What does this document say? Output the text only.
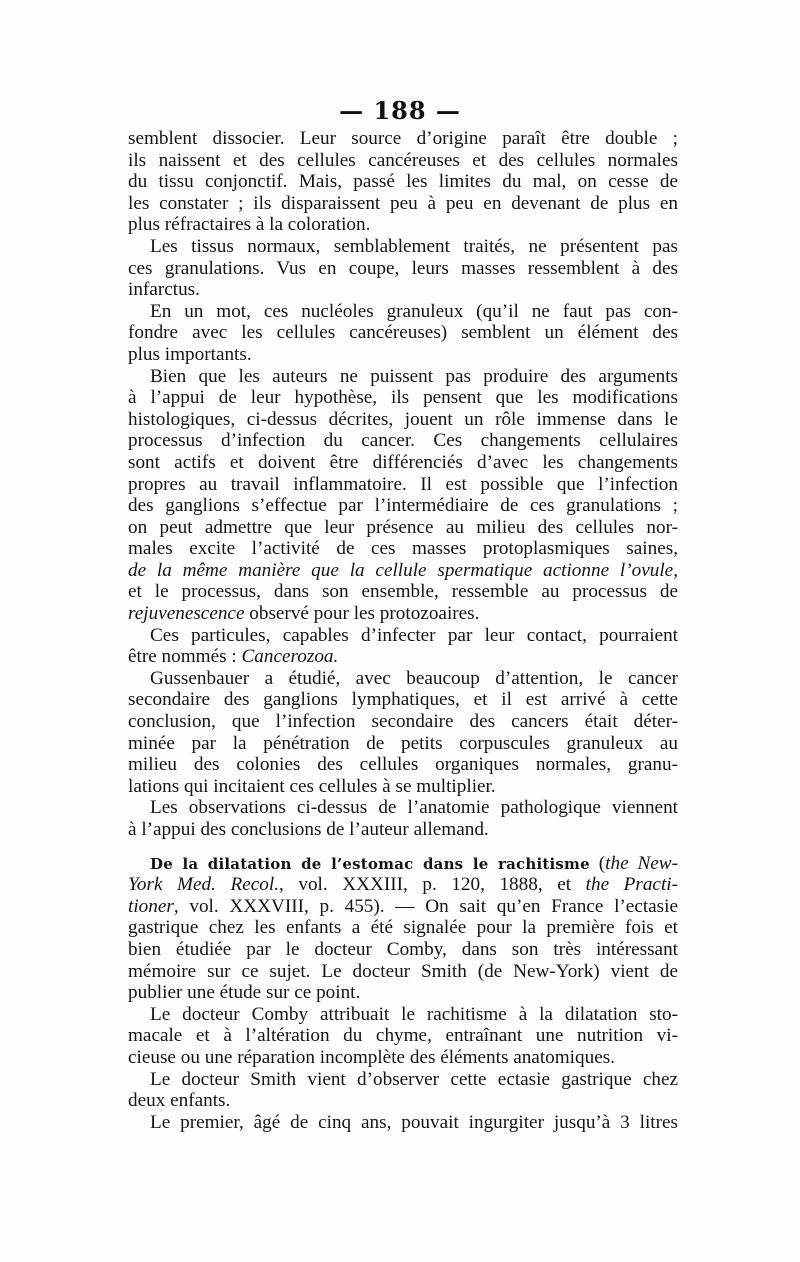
— 188 —
semblent dissocier. Leur source d’origine paraît être double ;
ils naissent et des cellules cancéreuses et des cellules normales
du tissu conjonctif. Mais, passé les limites du mal, on cesse de
les constater ; ils disparaissent peu à peu en devenant de plus en
plus réfractaires à la coloration.
Les tissus normaux, semblablement traités, ne présentent pas
ces granulations. Vus en coupe, leurs masses ressemblent à des
infarctus.
En un mot, ces nucléoles granuleux (qu’il ne faut pas con-
fondre avec les cellules cancéreuses) semblent un élément des
plus importants.
Bien que les auteurs ne puissent pas produire des arguments
à l’appui de leur hypothèse, ils pensent que les modifications
histologiques, ci-dessus décrites, jouent un rôle immense dans le
processus d’infection du cancer. Ces changements cellulaires
sont actifs et doivent être différenciés d’avec les changements
propres au travail inflammatoire. Il est possible que l’infection
des ganglions s’effectue par l’intermédiaire de ces granulations ;
on peut admettre que leur présence au milieu des cellules nor-
males excite l’activité de ces masses protoplasmiques saines,
de la même manière que la cellule spermatique actionne l’ovule,
et le processus, dans son ensemble, ressemble au processus de
rejuvenescence observé pour les protozoaires.
Ces particules, capables d’infecter par leur contact, pourraient
être nommés : Cancerozoa.
Gussenbauer a étudié, avec beaucoup d’attention, le cancer
secondaire des ganglions lymphatiques, et il est arrivé à cette
conclusion, que l’infection secondaire des cancers était déter-
minée par la pénétration de petits corpuscules granuleux au
milieu des colonies des cellules organiques normales, granu-
lations qui incitaient ces cellules à se multiplier.
Les observations ci-dessus de l’anatomie pathologique viennent
à l’appui des conclusions de l’auteur allemand.
De la dilatation de l’estomac dans le rachitisme (the New-
York Med. Recol., vol. XXXIII, p. 120, 1888, et the Practi-
tioner, vol. XXXVIII, p. 455). — On sait qu’en France l’ectasie
gastrique chez les enfants a été signalée pour la première fois et
bien étudiée par le docteur Comby, dans son très intéressant
mémoire sur ce sujet. Le docteur Smith (de New-York) vient de
publier une étude sur ce point.
Le docteur Comby attribuait le rachitisme à la dilatation sto-
macale et à l’altération du chyme, entraînant une nutrition vi-
cieuse ou une réparation incomplète des éléments anatomiques.
Le docteur Smith vient d’observer cette ectasie gastrique chez
deux enfants.
Le premier, âgé de cinq ans, pouvait ingurgiter jusqu’à 3 litres
